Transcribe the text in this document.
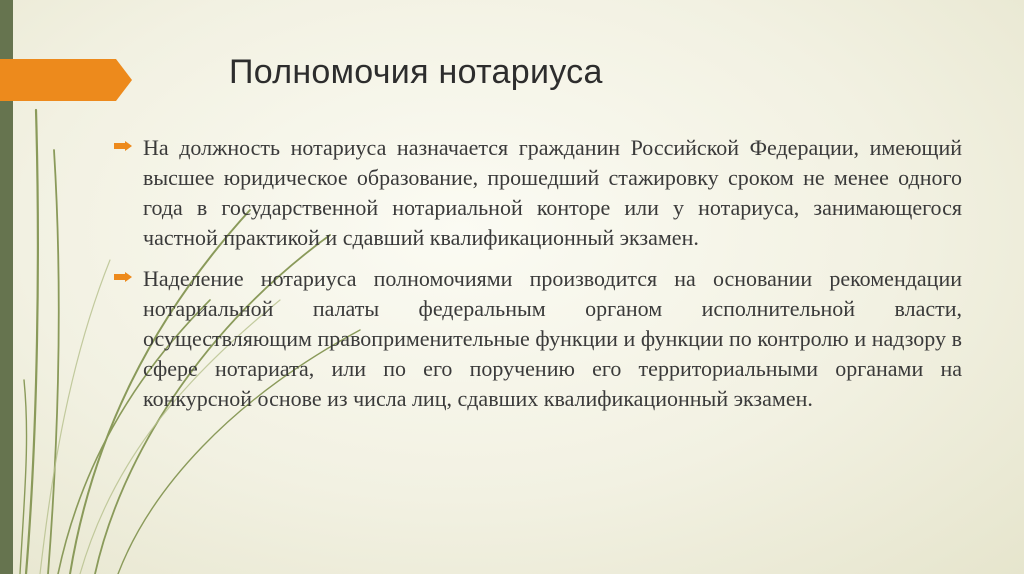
Полномочия нотариуса
На должность нотариуса назначается гражданин Российской Федерации, имеющий высшее юридическое образование, прошедший стажировку сроком не менее одного года в государственной нотариальной конторе или у нотариуса, занимающегося частной практикой и сдавший квалификационный экзамен.
Наделение нотариуса полномочиями производится на основании рекомендации нотариальной палаты федеральным органом исполнительной власти, осуществляющим правоприменительные функции и функции по контролю и надзору в сфере нотариата, или по его поручению его территориальными органами на конкурсной основе из числа лиц, сдавших квалификационный экзамен.
